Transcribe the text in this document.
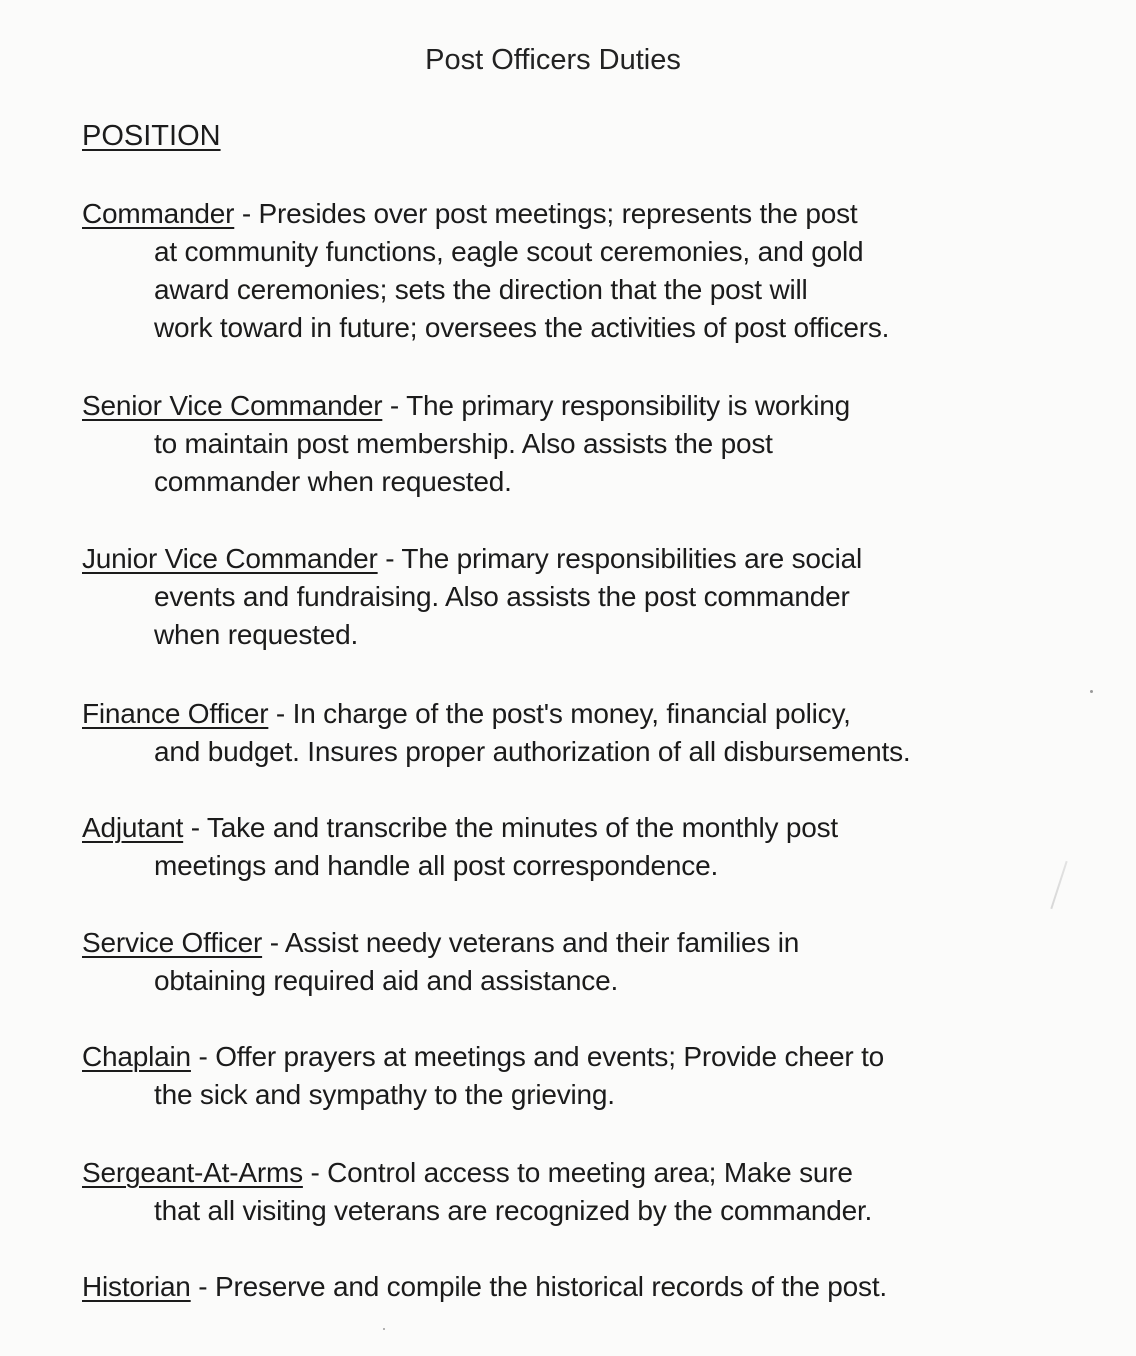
Post Officers Duties
POSITION
Commander - Presides over post meetings; represents the post
at community functions, eagle scout ceremonies, and gold
award ceremonies; sets the direction that the post will
work toward in future; oversees the activities of post officers.
Senior Vice Commander - The primary responsibility is working
to maintain post membership. Also assists the post
commander when requested.
Junior Vice Commander - The primary responsibilities are social
events and fundraising. Also assists the post commander
when requested.
Finance Officer - In charge of the post's money, financial policy,
and budget. Insures proper authorization of all disbursements.
Adjutant - Take and transcribe the minutes of the monthly post
meetings and handle all post correspondence.
Service Officer - Assist needy veterans and their families in
obtaining required aid and assistance.
Chaplain - Offer prayers at meetings and events; Provide cheer to
the sick and sympathy to the grieving.
Sergeant-At-Arms - Control access to meeting area; Make sure
that all visiting veterans are recognized by the commander.
Historian - Preserve and compile the historical records of the post.
